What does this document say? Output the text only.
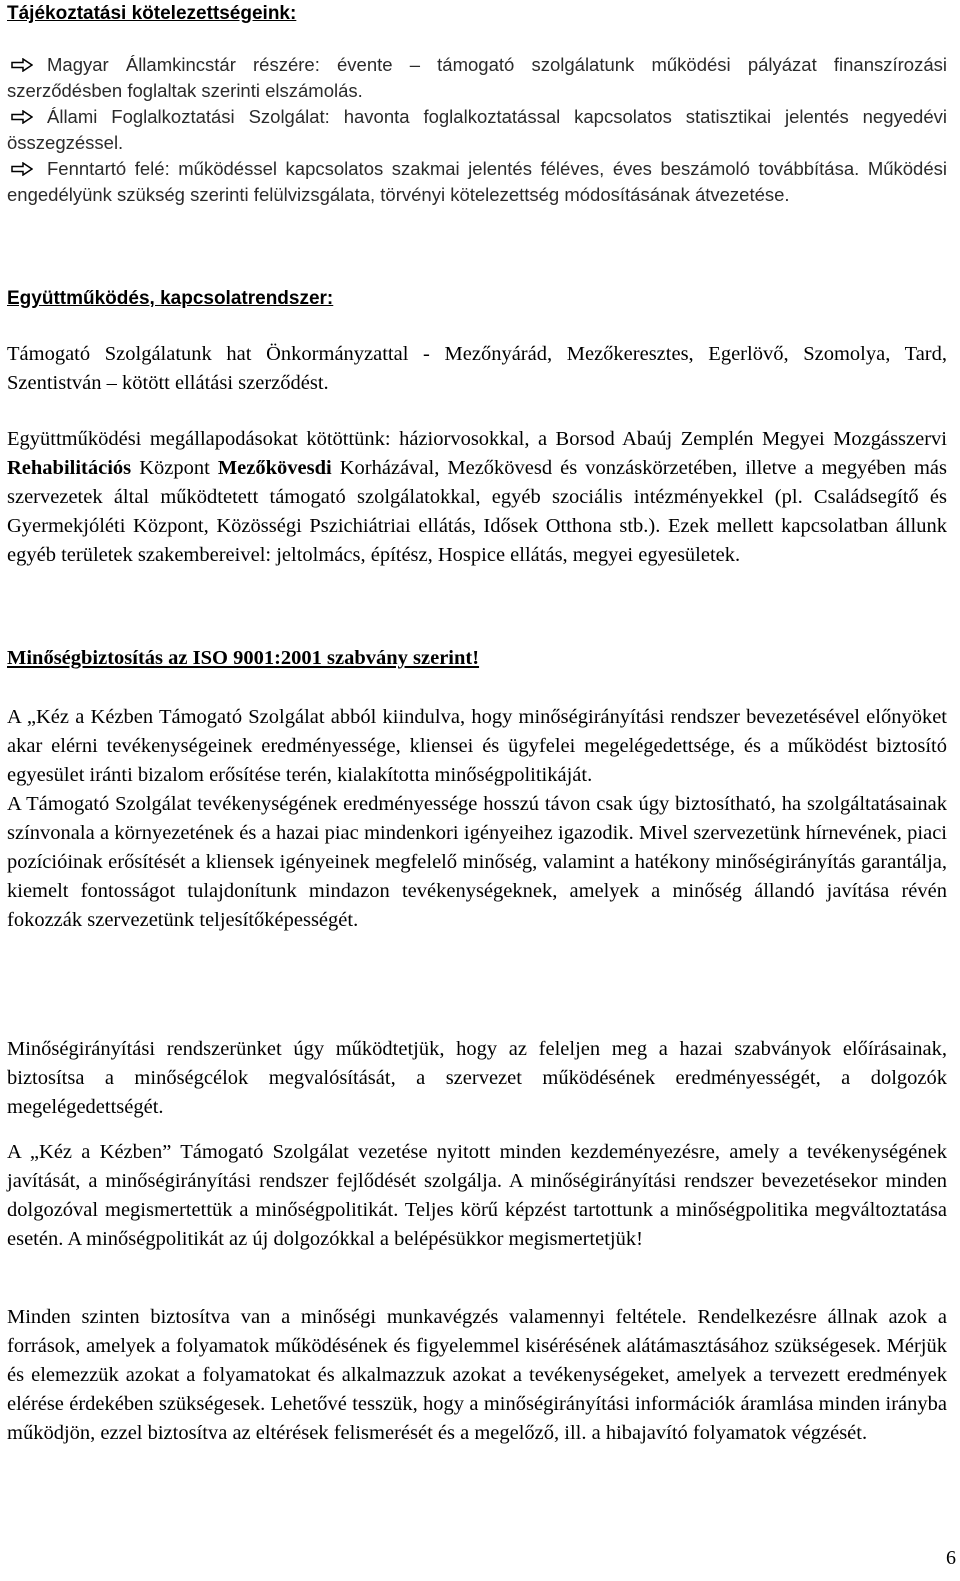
Tájékoztatási kötelezettségeink:

Magyar Államkincstár részére: évente – támogató szolgálatunk működési pályázat finanszírozási szerződésben foglaltak szerinti elszámolás.

Állami Foglalkoztatási Szolgálat: havonta foglalkoztatással kapcsolatos statisztikai jelentés negyedévi összegzéssel.

Fenntartó felé: működéssel kapcsolatos szakmai jelentés féléves, éves beszámoló továbbítása. Működési engedélyünk szükség szerinti felülvizsgálata, törvényi kötelezettség módosításának átvezetése.

Együttműködés, kapcsolatrendszer:

Támogató Szolgálatunk hat Önkormányzattal - Mezőnyárád, Mezőkeresztes, Egerlövő, Szomolya, Tard, Szentistván – kötött ellátási szerződést.

Együttműködési megállapodásokat kötöttünk: háziorvosokkal, a Borsod Abaúj Zemplén Megyei Mozgásszervi Rehabilitációs Központ Mezőkövesdi Korházával, Mezőkövesd és vonzáskörzetében, illetve a megyében más szervezetek által működtetett támogató szolgálatokkal, egyéb szociális intézményekkel (pl. Családsegítő és Gyermekjóléti Központ, Közösségi Pszichiátriai ellátás, Idősek Otthona stb.). Ezek mellett kapcsolatban állunk egyéb területek szakembereivel: jeltolmács, építész, Hospice ellátás, megyei egyesületek.

Minőségbiztosítás az ISO 9001:2001 szabvány szerint!

A „Kéz a Kézben Támogató Szolgálat abból kiindulva, hogy minőségirányítási rendszer bevezetésével előnyöket akar elérni tevékenységeinek eredményessége, kliensei és ügyfelei megelégedettsége, és a működést biztosító egyesület iránti bizalom erősítése terén, kialakította minőségpolitikáját.

A Támogató Szolgálat tevékenységének eredményessége hosszú távon csak úgy biztosítható, ha szolgáltatásainak színvonala a környezetének és a hazai piac mindenkori igényeihez igazodik. Mivel szervezetünk hírnevének, piaci pozícióinak erősítését a kliensek igényeinek megfelelő minőség, valamint a hatékony minőségirányítás garantálja, kiemelt fontosságot tulajdonítunk mindazon tevékenységeknek, amelyek a minőség állandó javítása révén fokozzák szervezetünk teljesítőképességét.

Minőségirányítási rendszerünket úgy működtetjük, hogy az feleljen meg a hazai szabványok előírásainak, biztosítsa a minőségcélok megvalósítását, a szervezet működésének eredményességét, a dolgozók megelégedettségét.

A „Kéz a Kézben” Támogató Szolgálat vezetése nyitott minden kezdeményezésre, amely a tevékenységének javítását, a minőségirányítási rendszer fejlődését szolgálja. A minőségirányítási rendszer bevezetésekor minden dolgozóval megismertettük a minőségpolitikát. Teljes körű képzést tartottunk a minőségpolitika megváltoztatása esetén. A minőségpolitikát az új dolgozókkal a belépésükkor megismertetjük!

Minden szinten biztosítva van a minőségi munkavégzés valamennyi feltétele. Rendelkezésre állnak azok a források, amelyek a folyamatok működésének és figyelemmel kisérésének alátámasztásához szükségesek. Mérjük és elemezzük azokat a folyamatokat és alkalmazzuk azokat a tevékenységeket, amelyek a tervezett eredmények elérése érdekében szükségesek. Lehetővé tesszük, hogy a minőségirányítási információk áramlása minden irányba működjön, ezzel biztosítva az eltérések felismerését és a megelőző, ill. a hibajavító folyamatok végzését.

6
